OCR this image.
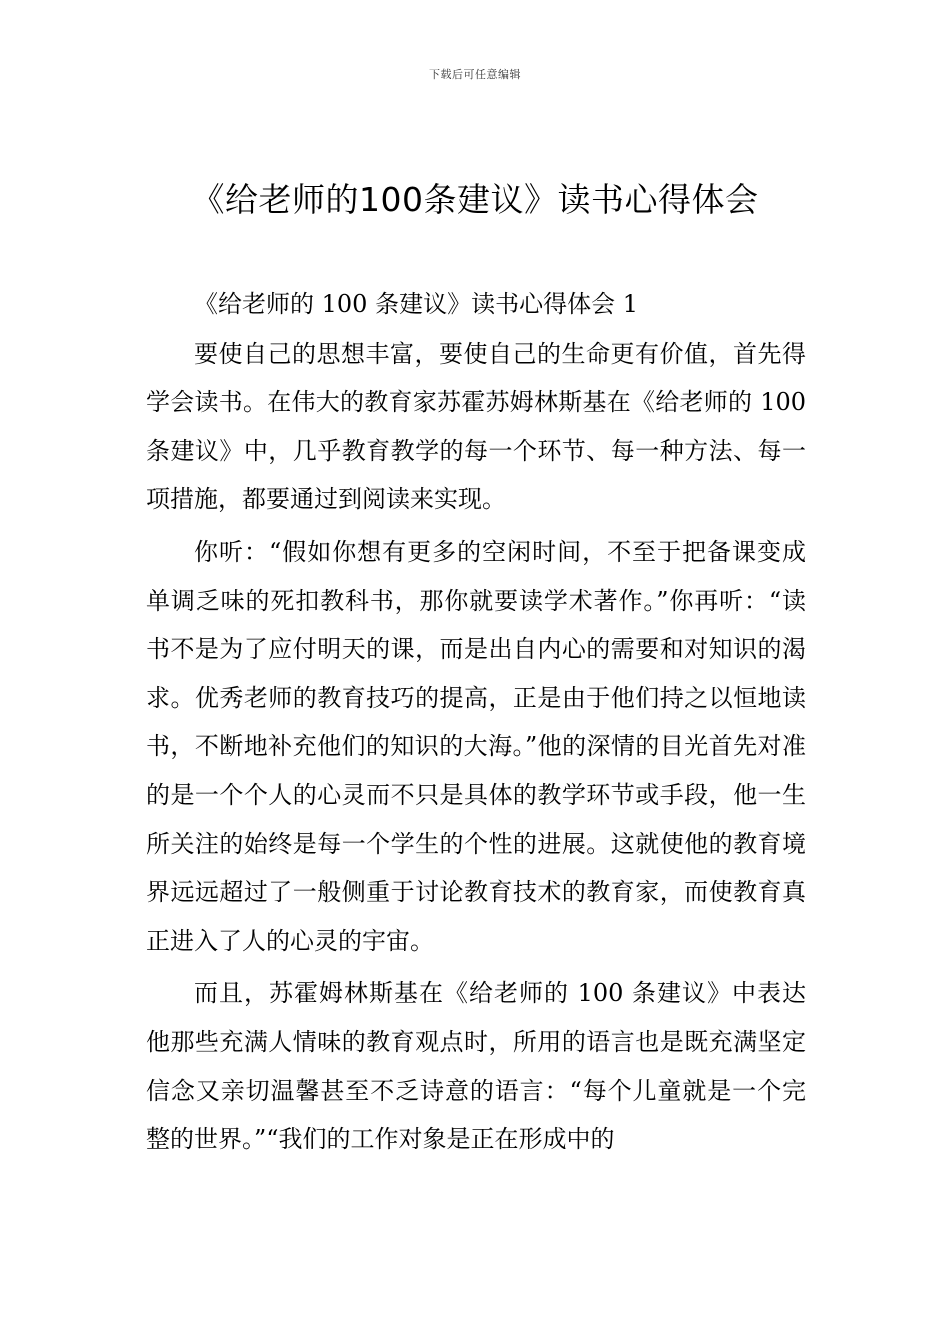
下载后可任意编辑
《给老师的100条建议》读书心得体会

《给老师的 100 条建议》读书心得体会 1

要使自己的思想丰富，要使自己的生命更有价值，首先得学会读书。在伟大的教育家苏霍苏姆林斯基在《给老师的 100 条建议》中，几乎教育教学的每一个环节、每一种方法、每一项措施，都要通过到阅读来实现。

你听：“假如你想有更多的空闲时间，不至于把备课变成单调乏味的死扣教科书，那你就要读学术著作。”你再听：“读书不是为了应付明天的课，而是出自内心的需要和对知识的渴求。优秀老师的教育技巧的提高，正是由于他们持之以恒地读书，不断地补充他们的知识的大海。”他的深情的目光首先对准的是一个个人的心灵而不只是具体的教学环节或手段，他一生所关注的始终是每一个学生的个性的进展。这就使他的教育境界远远超过了一般侧重于讨论教育技术的教育家，而使教育真正进入了人的心灵的宇宙。

而且，苏霍姆林斯基在《给老师的 100 条建议》中表达他那些充满人情味的教育观点时，所用的语言也是既充满坚定信念又亲切温馨甚至不乏诗意的语言：“每个儿童就是一个完整的世界。”“我们的工作对象是正在形成中的
